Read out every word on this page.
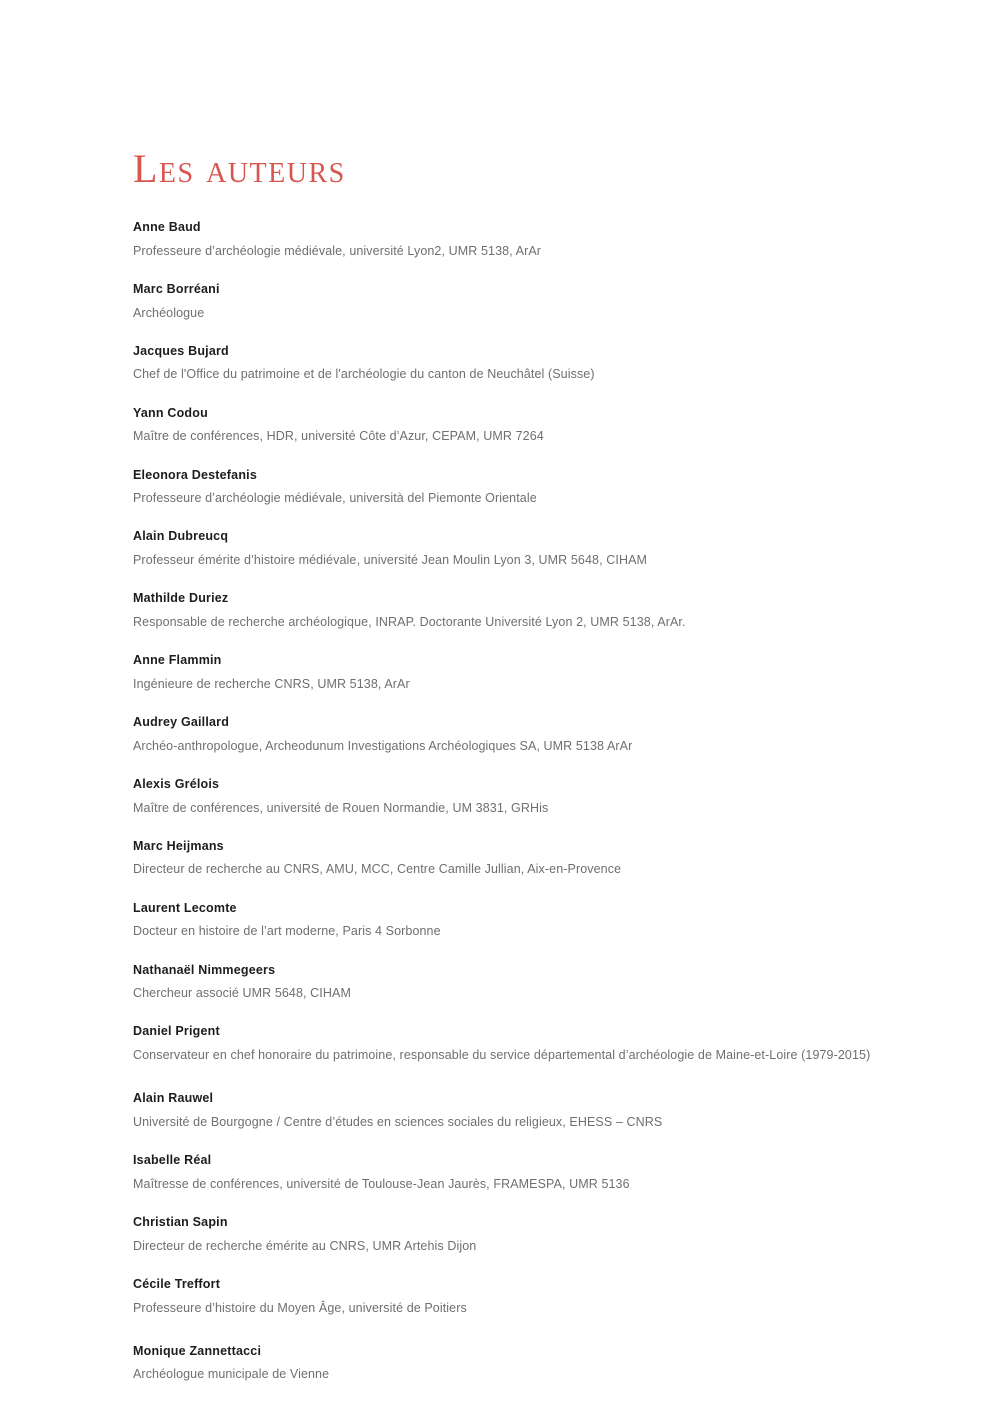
Les auteurs
Anne Baud
Professeure d’archéologie médiévale, université Lyon2, UMR 5138, ArAr
Marc Borréani
Archéologue
Jacques Bujard
Chef de l'Office du patrimoine et de l'archéologie du canton de Neuchâtel (Suisse)
Yann Codou
Maître de conférences, HDR, université Côte d’Azur, CEPAM, UMR 7264
Eleonora Destefanis
Professeure d’archéologie médiévale, università del Piemonte Orientale
Alain Dubreucq
Professeur émérite d’histoire médiévale, université Jean Moulin Lyon 3, UMR 5648, CIHAM
Mathilde Duriez
Responsable de recherche archéologique, INRAP. Doctorante Université Lyon 2, UMR 5138, ArAr.
Anne Flammin
Ingénieure de recherche CNRS, UMR 5138, ArAr
Audrey Gaillard
Archéo-anthropologue, Archeodunum Investigations Archéologiques SA, UMR 5138 ArAr
Alexis Grélois
Maître de conférences, université de Rouen Normandie, UM 3831, GRHis
Marc Heijmans
Directeur de recherche au CNRS, AMU, MCC, Centre Camille Jullian, Aix-en-Provence
Laurent Lecomte
Docteur en histoire de l’art moderne, Paris 4 Sorbonne
Nathanaël Nimmegeers
Chercheur associé UMR 5648, CIHAM
Daniel Prigent
Conservateur en chef honoraire du patrimoine, responsable du service départemental d’archéologie de Maine-et-Loire (1979-2015)
Alain Rauwel
Université de Bourgogne / Centre d’études en sciences sociales du religieux, EHESS – CNRS
Isabelle Réal
Maîtresse de conférences, université de Toulouse-Jean Jaurès, FRAMESPA, UMR 5136
Christian Sapin
Directeur de recherche émérite au CNRS, UMR Artehis Dijon
Cécile Treffort
Professeure d’histoire du Moyen Âge, université de Poitiers
Monique Zannettacci
Archéologue municipale de Vienne
